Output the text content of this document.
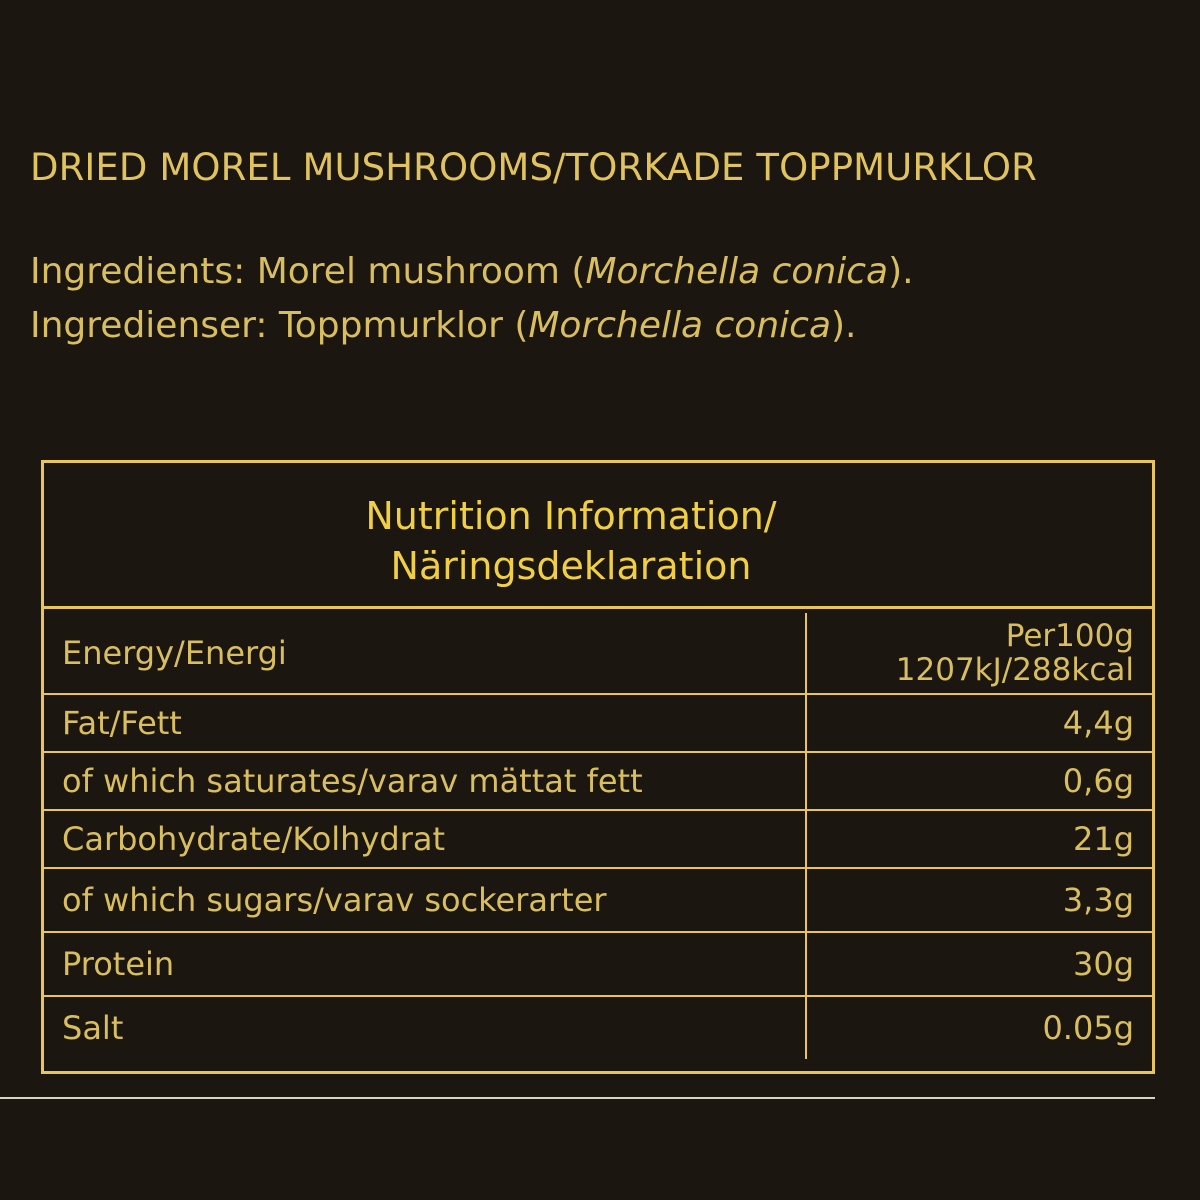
DRIED MOREL MUSHROOMS/TORKADE TOPPMURKLOR
Ingredients: Morel mushroom (Morchella conica).
Ingredienser: Toppmurklor (Morchella conica).
Nutrition Information/
Näringsdeklaration
Energy/Energi	Per100g
1207kJ/288kcal

Fat/Fett	4,4g
of which saturates/varav mättat fett	0,6g
Carbohydrate/Kolhydrat	21g
of which sugars/varav sockerarter	3,3g
Protein	30g
Salt	0.05g
